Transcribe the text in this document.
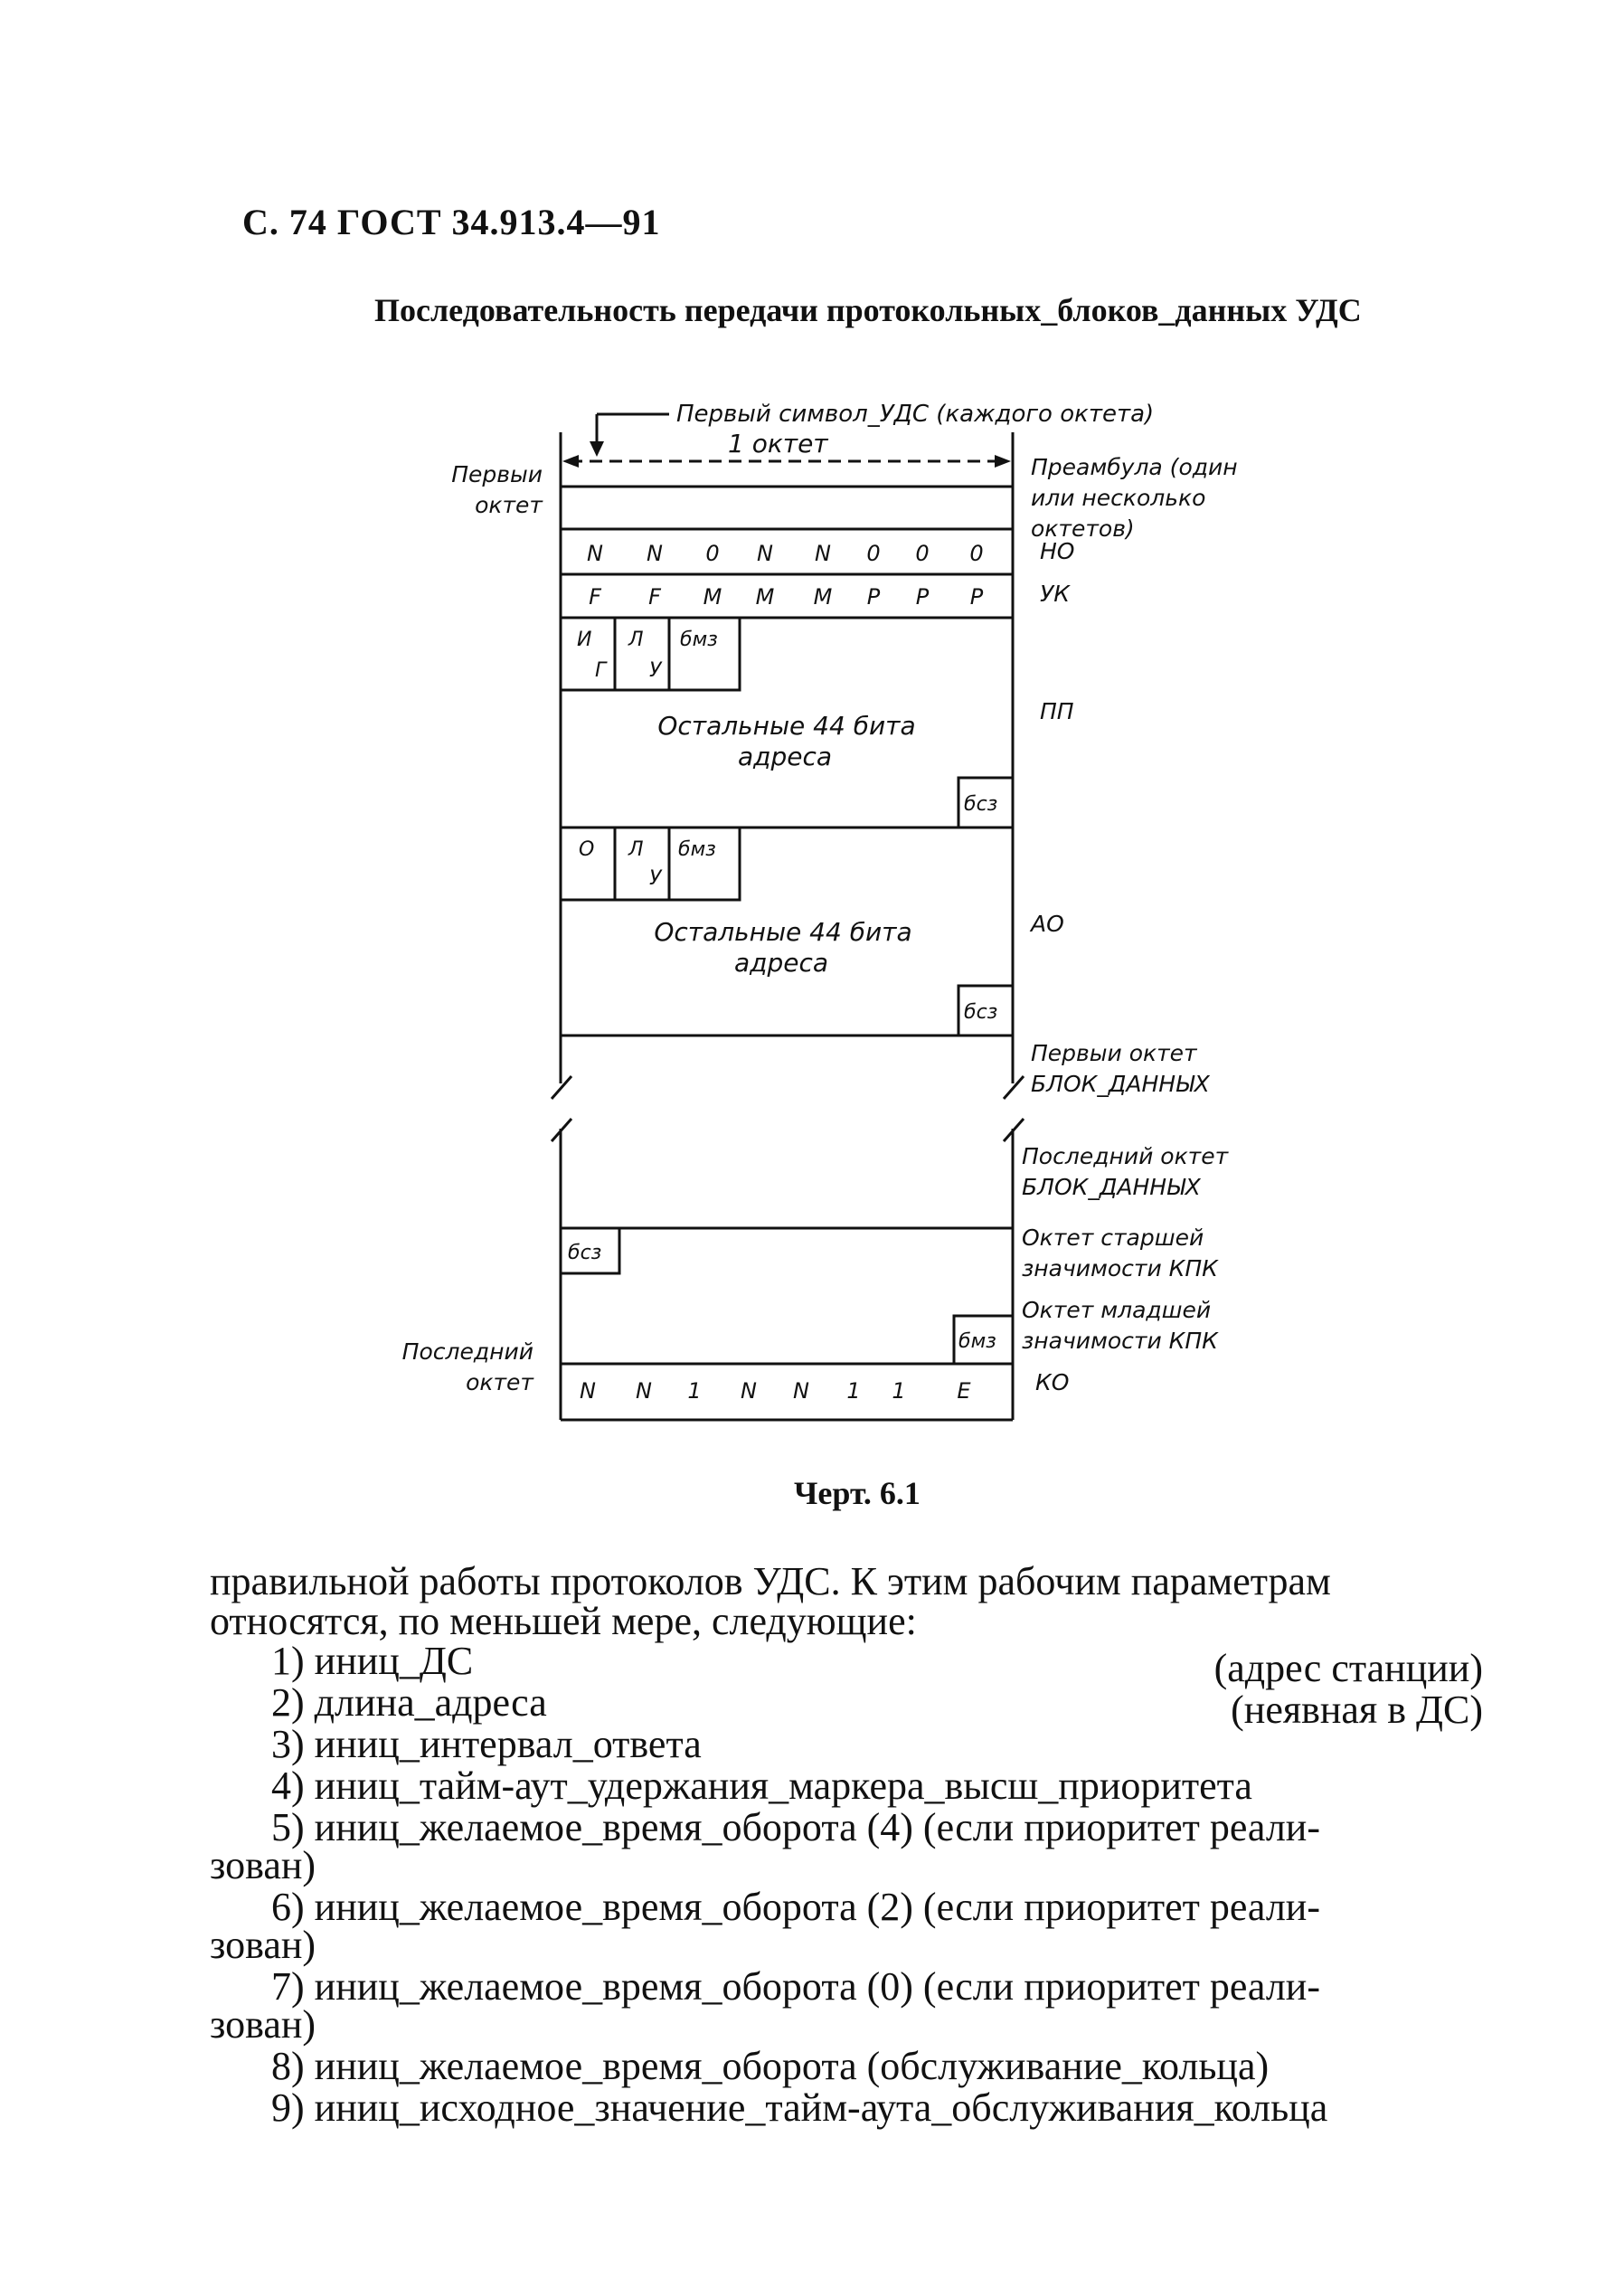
С. 74 ГОСТ 34.913.4—91
Последовательность передачи протокольных_блоков_данных УДС
Первый символ_УДС (каждого октета)
1 октет
N N 0 N N 0 0 0
F F M M M P P P
И
Г
Л
У
бмз
бсз
Остальные 44 бита
адреса
О Л
У
бмз
бсз
Остальные 44 бита
адреса
бсз
бмз
N N 1 N N 1 1 E
Первыи октет
Последний октет
Преамбула (один или несколько октетов)
НО
УК
ПП
АО
Первыи октет БЛОК_ДАННЫХ
Последний октет БЛОК_ДАННЫХ
Октет старшей значимости КПК
Октет младшей значимости КПК
КО
Черт. 6.1
правильной работы протоколов УДС. К этим рабочим параметрам
относятся, по меньшей мере, следующие:
1) иниц_ДС	(адрес станции)
2) длина_адреса	(неявная в ДС)
3) иниц_интервал_ответа
4) иниц_тайм-аут_удержания_маркера_высш_приоритета
5) иниц_желаемое_время_оборота (4) (если приоритет реали-
зован)
6) иниц_желаемое_время_оборота (2) (если приоритет реали-
зован)
7) иниц_желаемое_время_оборота (0) (если приоритет реали-
зован)
8) иниц_желаемое_время_оборота (обслуживание_кольца)
9) иниц_исходное_значение_тайм-аута_обслуживания_кольца
